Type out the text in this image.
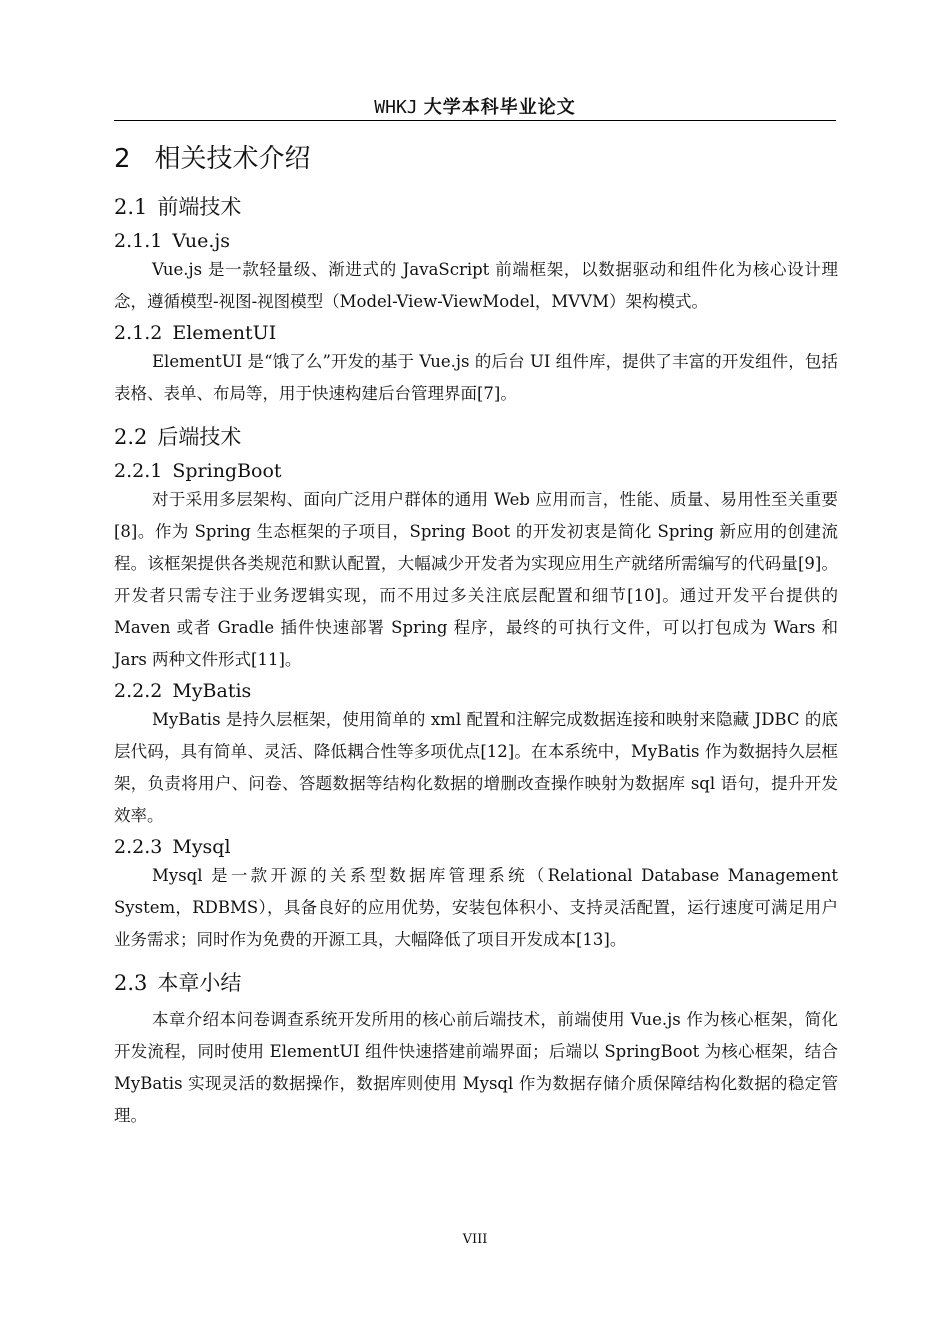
WHKJ 大学本科毕业论文
2 相关技术介绍
2.1 前端技术
2.1.1 Vue.js

Vue.js 是一款轻量级、渐进式的 JavaScript 前端框架，以数据驱动和组件化为核心设计理念，遵循模型-视图-视图模型（Model-View-ViewModel，MVVM）架构模式。

2.1.2 ElementUI

ElementUI 是“饿了么”开发的基于 Vue.js 的后台 UI 组件库，提供了丰富的开发组件，包括表格、表单、布局等，用于快速构建后台管理界面[7]。

2.2 后端技术
2.2.1 SpringBoot

对于采用多层架构、面向广泛用户群体的通用 Web 应用而言，性能、质量、易用性至关重要[8]。作为 Spring 生态框架的子项目，Spring Boot 的开发初衷是简化 Spring 新应用的创建流程。该框架提供各类规范和默认配置，大幅减少开发者为实现应用生产就绪所需编写的代码量[9]。开发者只需专注于业务逻辑实现，而不用过多关注底层配置和细节[10]。通过开发平台提供的 Maven 或者 Gradle 插件快速部署 Spring 程序，最终的可执行文件，可以打包成为 Wars 和 Jars 两种文件形式[11]。

2.2.2 MyBatis

MyBatis 是持久层框架，使用简单的 xml 配置和注解完成数据连接和映射来隐藏 JDBC 的底层代码，具有简单、灵活、降低耦合性等多项优点[12]。在本系统中，MyBatis 作为数据持久层框架，负责将用户、问卷、答题数据等结构化数据的增删改查操作映射为数据库 sql 语句，提升开发效率。

2.2.3 Mysql

Mysql 是一款开源的关系型数据库管理系统（Relational Database Management System，RDBMS），具备良好的应用优势，安装包体积小、支持灵活配置，运行速度可满足用户业务需求；同时作为免费的开源工具，大幅降低了项目开发成本[13]。

2.3 本章小结

本章介绍本问卷调查系统开发所用的核心前后端技术，前端使用 Vue.js 作为核心框架，简化开发流程，同时使用 ElementUI 组件快速搭建前端界面；后端以 SpringBoot 为核心框架，结合 MyBatis 实现灵活的数据操作，数据库则使用 Mysql 作为数据存储介质保障结构化数据的稳定管理。

VIII
